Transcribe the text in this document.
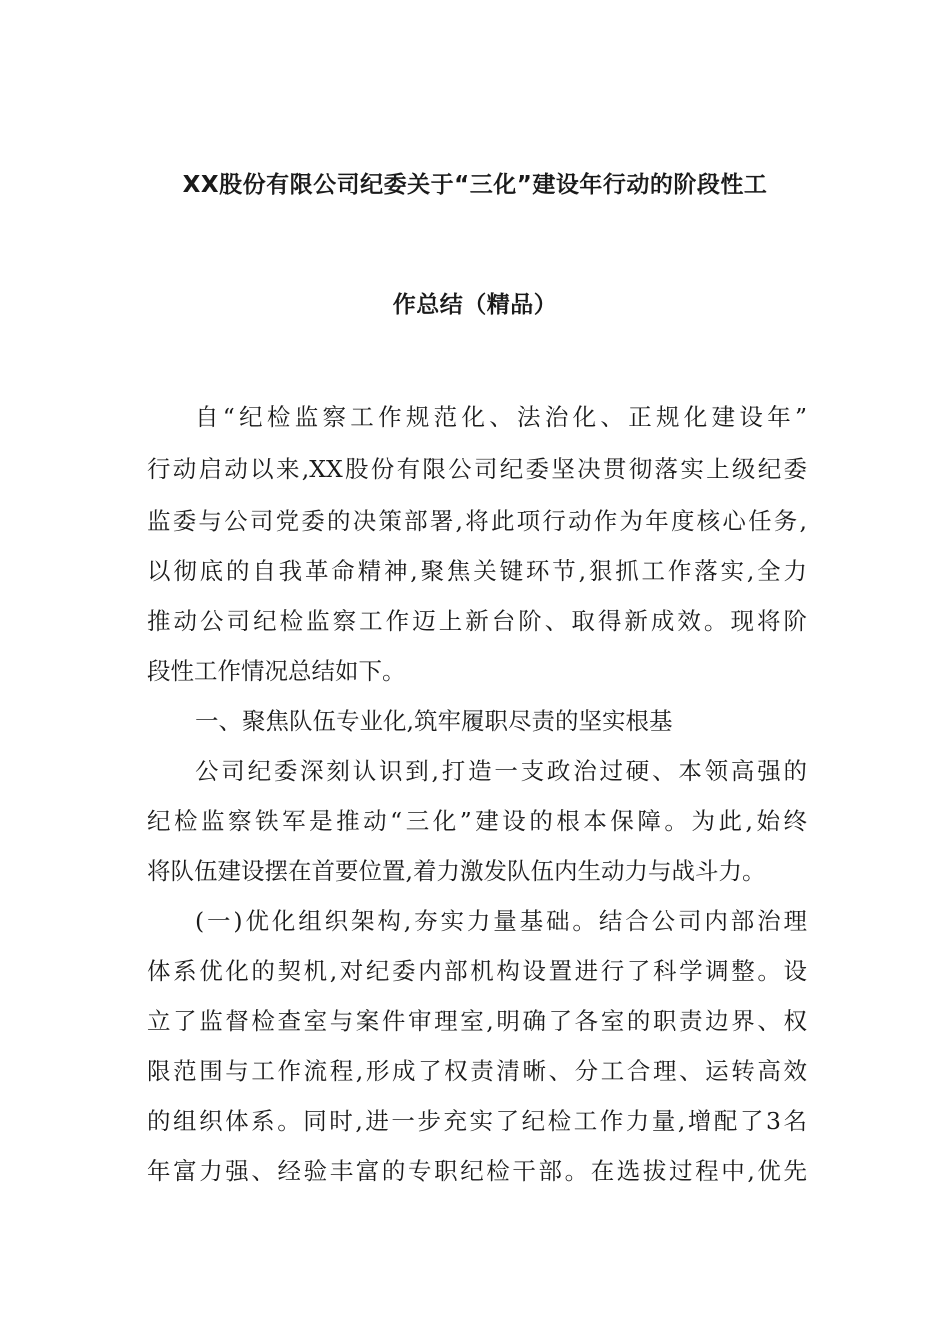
XX股份有限公司纪委关于“三化”建设年行动的阶段性工
作总结（精品）
自“纪检监察工作规范化、法治化、正规化建设年”
行动启动以来,XX股份有限公司纪委坚决贯彻落实上级纪委
监委与公司党委的决策部署,将此项行动作为年度核心任务,
以彻底的自我革命精神,聚焦关键环节,狠抓工作落实,全力
推动公司纪检监察工作迈上新台阶、取得新成效。现将阶
段性工作情况总结如下。
一、聚焦队伍专业化,筑牢履职尽责的坚实根基
公司纪委深刻认识到,打造一支政治过硬、本领高强的
纪检监察铁军是推动“三化”建设的根本保障。为此,始终
将队伍建设摆在首要位置,着力激发队伍内生动力与战斗力。
(一)优化组织架构,夯实力量基础。结合公司内部治理
体系优化的契机,对纪委内部机构设置进行了科学调整。设
立了监督检查室与案件审理室,明确了各室的职责边界、权
限范围与工作流程,形成了权责清晰、分工合理、运转高效
的组织体系。同时,进一步充实了纪检工作力量,增配了3名
年富力强、经验丰富的专职纪检干部。在选拔过程中,优先
